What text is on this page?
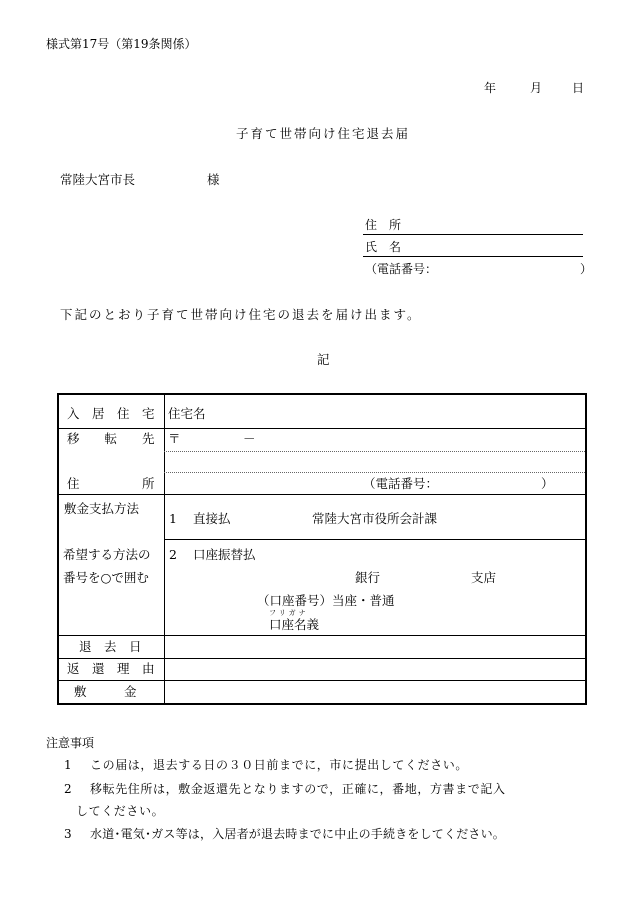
様式第17号（第19条関係）
年	月 日
子育て世帯向け住宅退去届
常陸大宮市長	様
住　所
氏　名
（電話番号：	）
下記のとおり子育て世帯向け住宅の退去を届け出ます。
記
入　居　住　宅 住宅名
移　　転　　先 〒	－
住　　　　　所	（電話番号：	）
敷金支払方法
1 直接払	常陸大宮市役所会計課
希望する方法の
番号を○で囲む
2 口座振替払
銀行	支店
（口座番号）当座・普通
フリガナ
口座名義
退　去　日
返　還　理　由
敷　　　金
注意事項
1 この届は，退去する日の３０日前までに，市に提出してください。
2 移転先住所は，敷金返還先となりますので，正確に，番地，方書まで記入
してください。
3 水道･電気･ガス等は，入居者が退去時までに中止の手続きをしてください。
